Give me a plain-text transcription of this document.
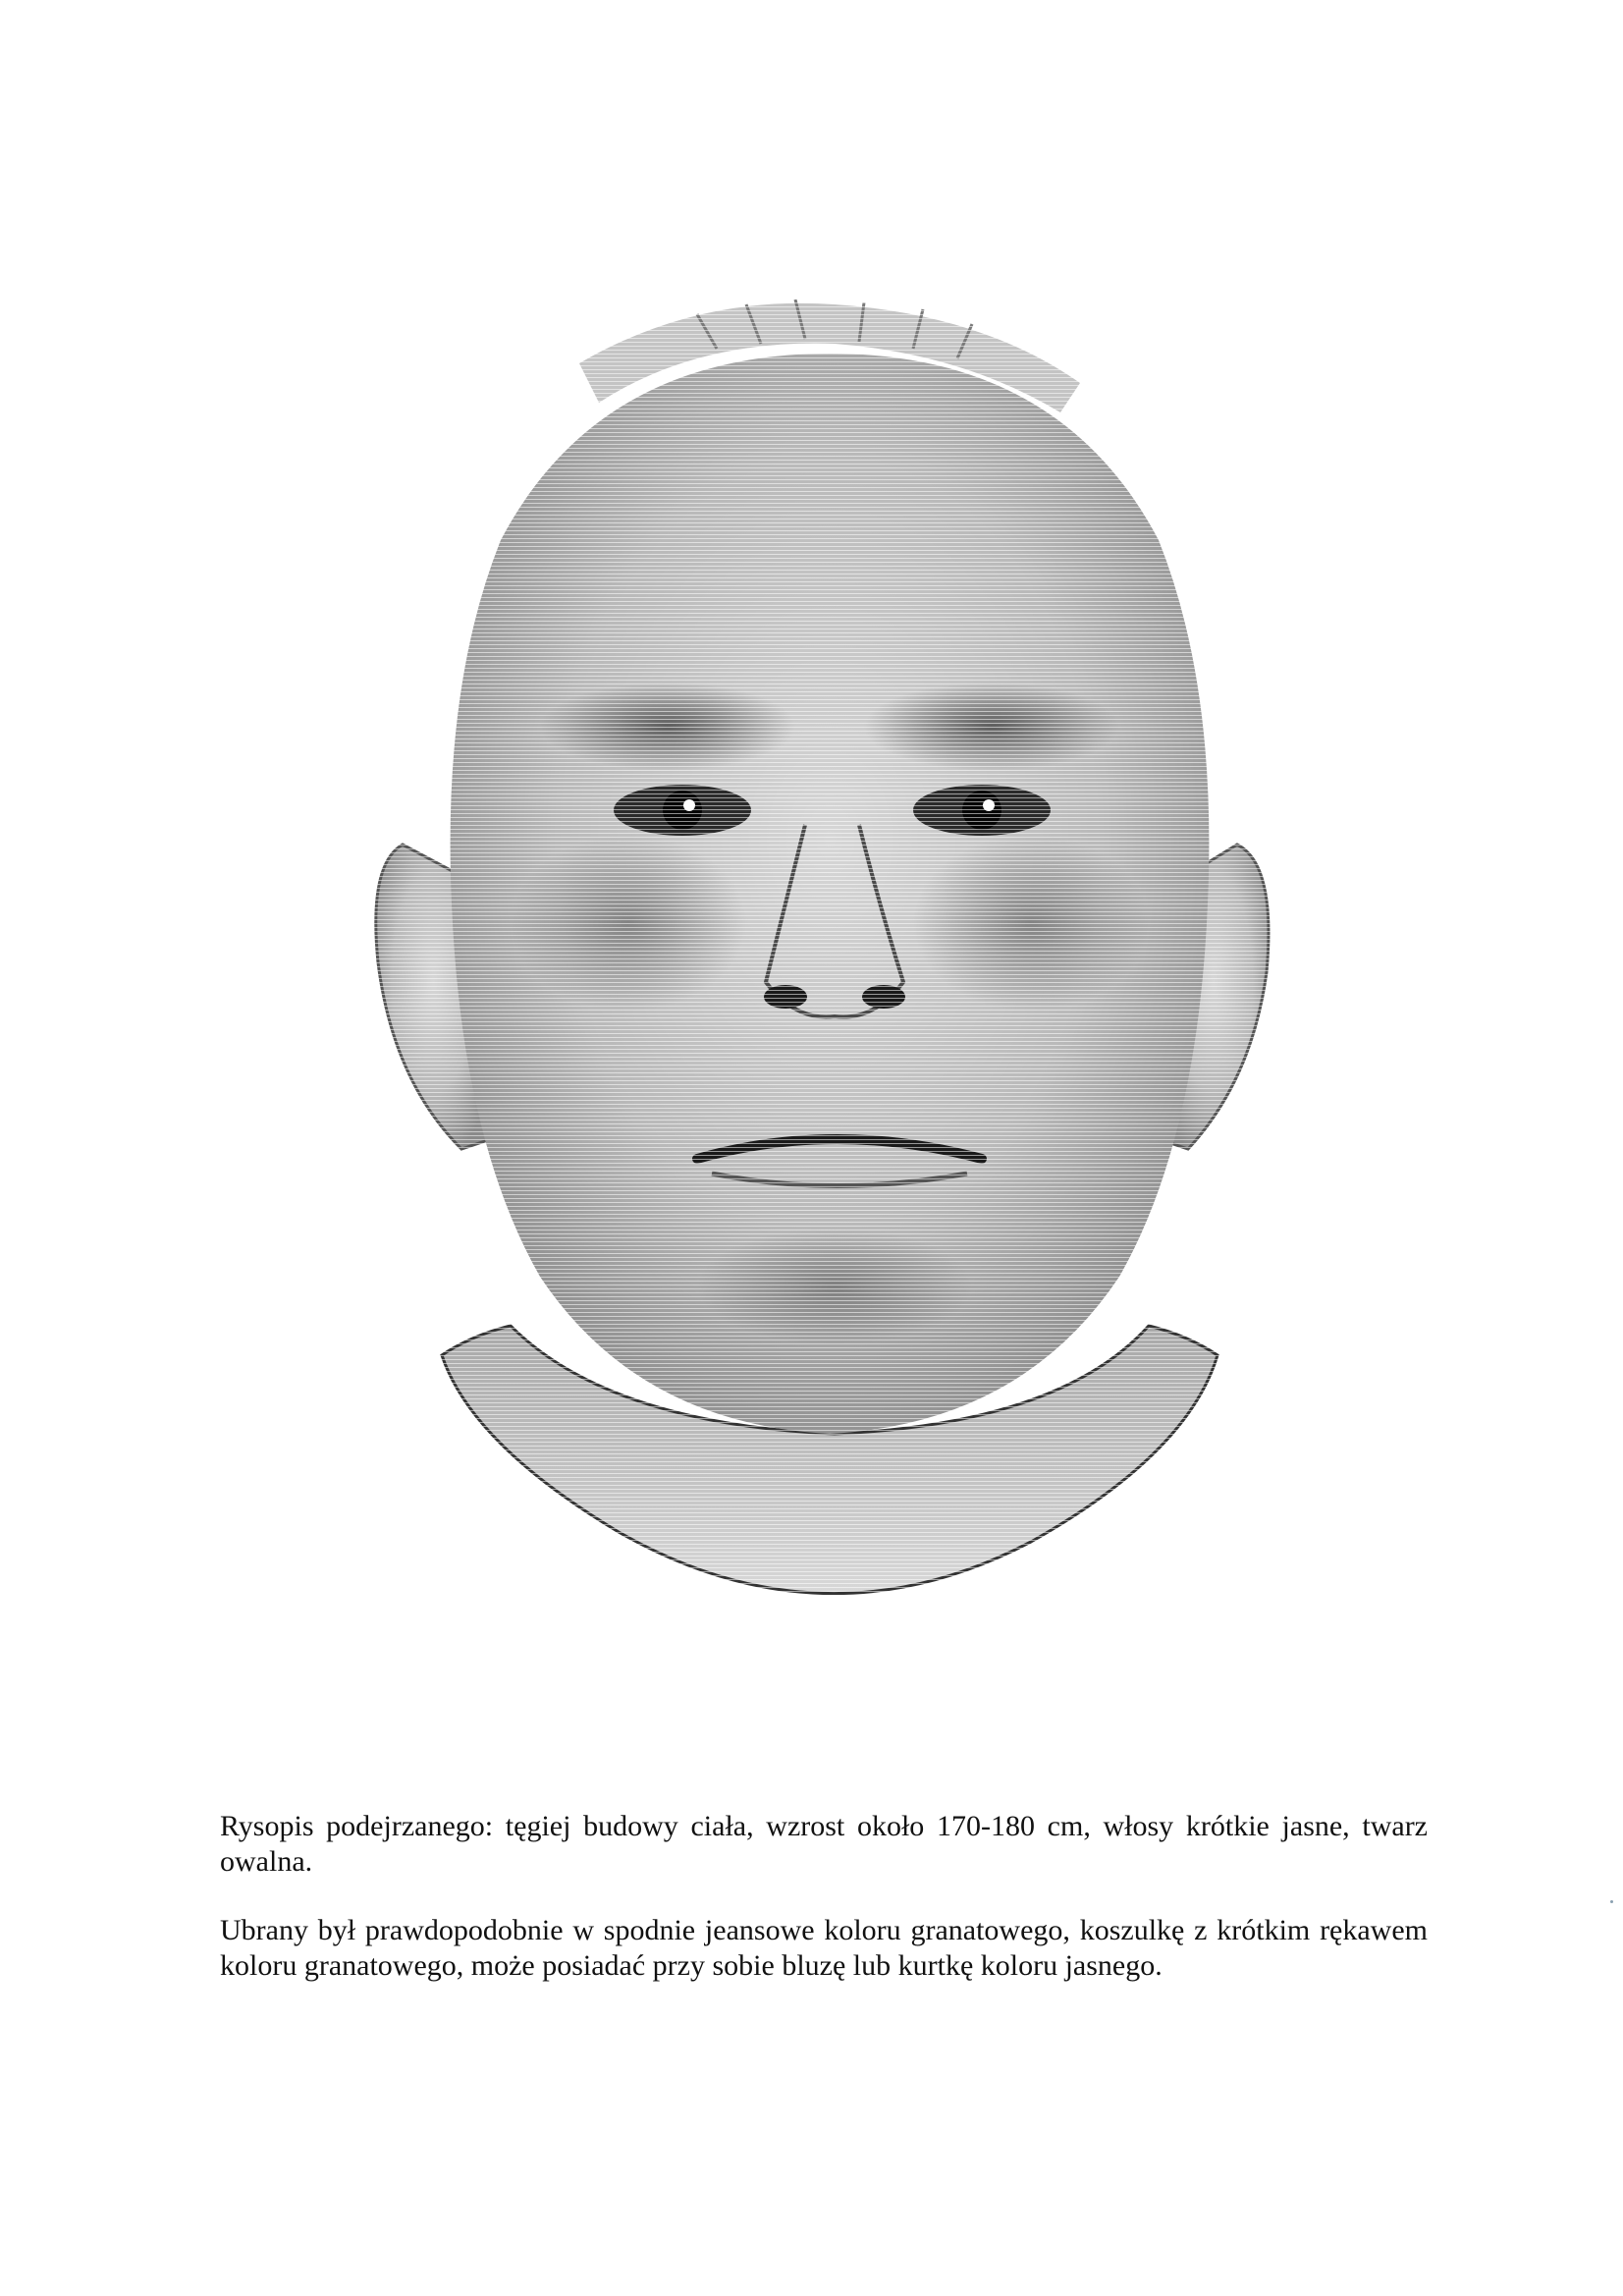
Rysopis podejrzanego: tęgiej budowy ciała, wzrost około 170-180 cm, włosy krótkie jasne, twarz owalna.

Ubrany był prawdopodobnie w spodnie jeansowe koloru granatowego, koszulkę z krótkim rękawem koloru granatowego, może posiadać przy sobie bluzę lub kurtkę koloru jasnego.
